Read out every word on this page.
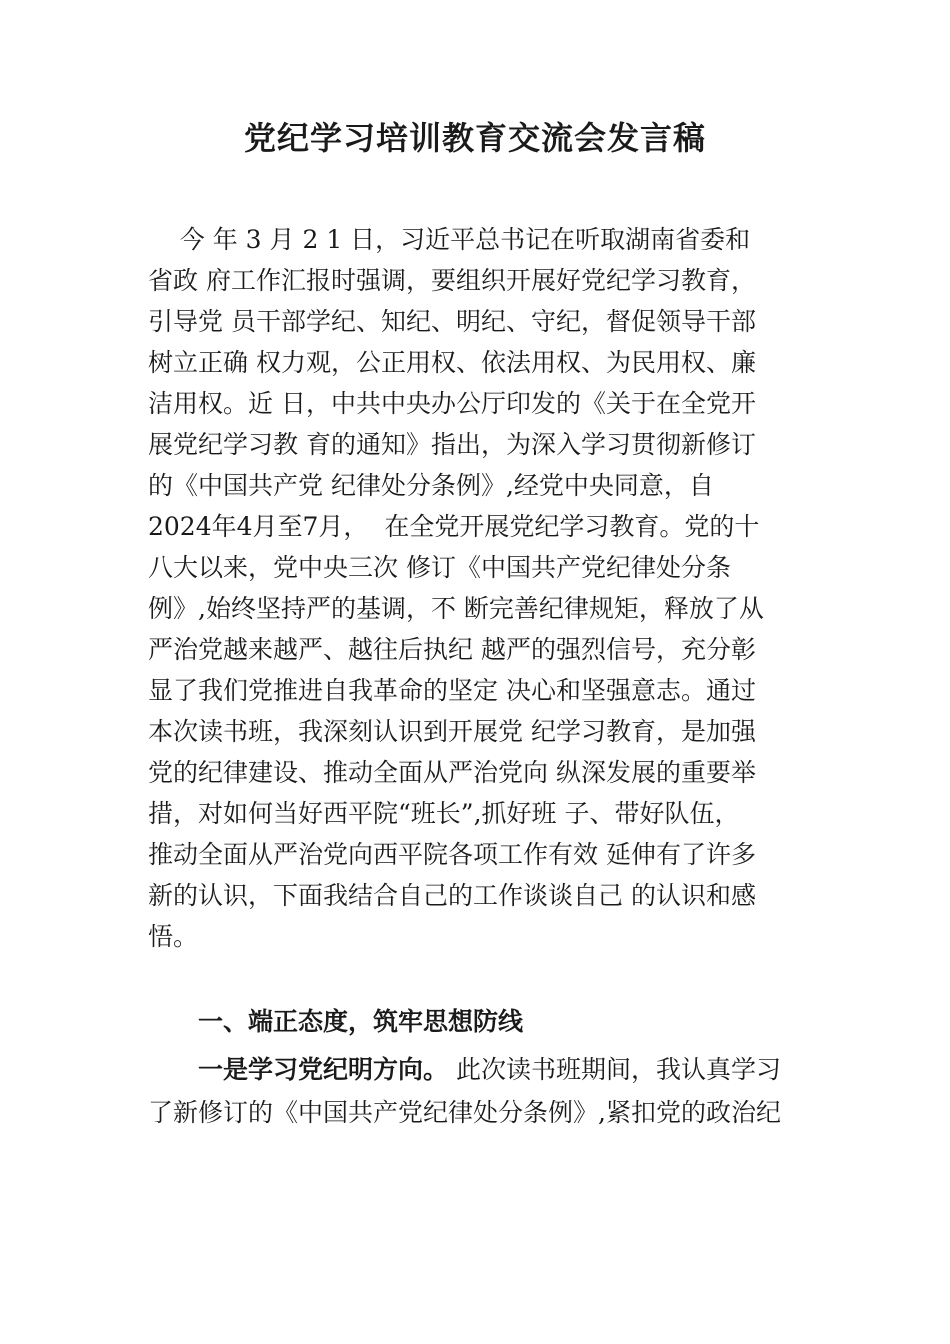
党纪学习培训教育交流会发言稿

今 年 3 月 2 1 日，习近平总书记在听取湖南省委和

省政 府工作汇报时强调，要组织开展好党纪学习教育，

引导党 员干部学纪、知纪、明纪、守纪，督促领导干部

树立正确 权力观，公正用权、依法用权、为民用权、廉

洁用权。近 日，中共中央办公厅印发的《关于在全党开

展党纪学习教 育的通知》指出，为深入学习贯彻新修订

的《中国共产党 纪律处分条例》,经党中央同意，自

2024年4月至7月，  在全党开展党纪学习教育。党的十

八大以来，党中央三次 修订《中国共产党纪律处分条

例》,始终坚持严的基调，不 断完善纪律规矩，释放了从

严治党越来越严、越往后执纪 越严的强烈信号，充分彰

显了我们党推进自我革命的坚定 决心和坚强意志。通过

本次读书班，我深刻认识到开展党 纪学习教育，是加强

党的纪律建设、推动全面从严治党向 纵深发展的重要举

措，对如何当好西平院“班长”,抓好班 子、带好队伍，

推动全面从严治党向西平院各项工作有效 延伸有了许多

新的认识，下面我结合自己的工作谈谈自己 的认识和感

悟。

一、端正态度，筑牢思想防线

一是学习党纪明方向。 此次读书班期间，我认真学习

了新修订的《中国共产党纪律处分条例》,紧扣党的政治纪
